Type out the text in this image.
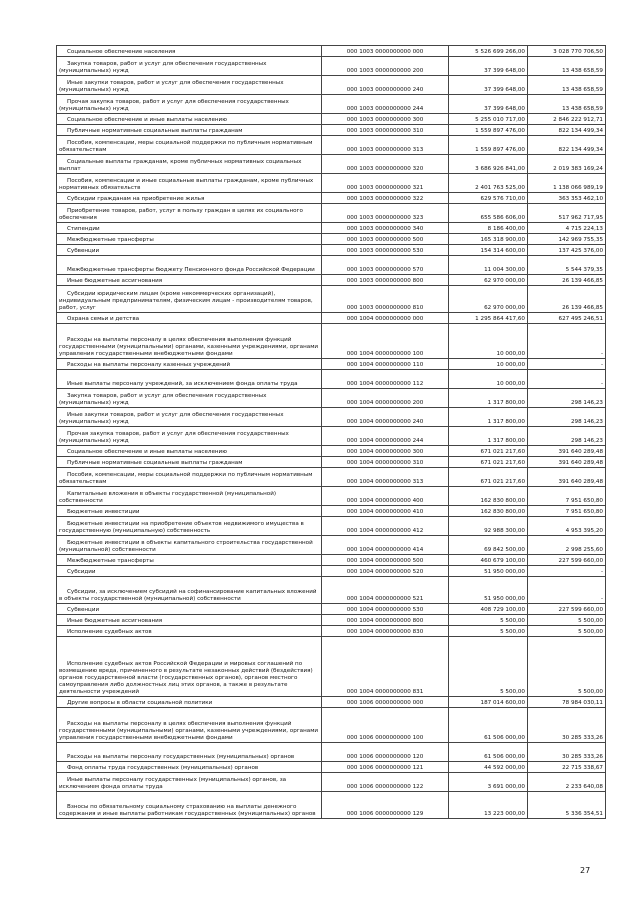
Социальное обеспечение населения	000 1003 0000000000 000	5 526 699 266,00	3 028 770 706,50

Закупка товаров, работ и услуг для обеспечения государственных (муниципальных) нужд	000 1003 0000000000 200	37 399 648,00	13 438 658,59

Иные закупки товаров, работ и услуг для обеспечения государственных (муниципальных) нужд	000 1003 0000000000 240	37 399 648,00	13 438 658,59

Прочая закупка товаров, работ и услуг для обеспечения государственных (муниципальных) нужд	000 1003 0000000000 244	37 399 648,00	13 438 658,59

Социальное обеспечение и иные выплаты населению	000 1003 0000000000 300	5 255 010 717,00	2 846 222 912,71

Публичные нормативные социальные выплаты гражданам	000 1003 0000000000 310	1 559 897 476,00	822 134 499,34

Пособия, компенсации, меры социальной поддержки по публичным нормативным обязательствам	000 1003 0000000000 313	1 559 897 476,00	822 134 499,34

Социальные выплаты гражданам, кроме публичных нормативных социальных выплат	000 1003 0000000000 320	3 686 926 841,00	2 019 383 169,24

Пособия, компенсации и иные социальные выплаты гражданам, кроме публичных нормативных обязательств	000 1003 0000000000 321	2 401 763 525,00	1 138 066 989,19

Субсидии гражданам на приобретение жилья	000 1003 0000000000 322	629 576 710,00	363 353 462,10

Приобретение товаров, работ, услуг в пользу граждан в целях их социального обеспечения	000 1003 0000000000 323	655 586 606,00	517 962 717,95

Стипендии	000 1003 0000000000 340	8 186 400,00	4 715 224,13

Межбюджетные трансферты	000 1003 0000000000 500	165 318 900,00	142 969 755,35

Субвенции	000 1003 0000000000 530	154 314 600,00	137 425 376,00

Межбюджетные трансферты бюджету Пенсионного фонда Российской Федерации	000 1003 0000000000 570	11 004 300,00	5 544 379,35

Иные бюджетные ассигнования	000 1003 0000000000 800	62 970 000,00	26 139 466,85

Субсидии юридическим лицам (кроме некоммерческих организаций), индивидуальным предпринимателям, физическим лицам - производителям товаров, работ, услуг	000 1003 0000000000 810	62 970 000,00	26 139 466,85

Охрана семьи и детства	000 1004 0000000000 000	1 295 864 417,60	627 495 246,51

Расходы на выплаты персоналу в целях обеспечения выполнения функций государственными (муниципальными) органами, казенными учреждениями, органами управления государственными внебюджетными фондами	000 1004 0000000000 100	10 000,00	-

Расходы на выплаты персоналу казенных учреждений	000 1004 0000000000 110	10 000,00	-

Иные выплаты персоналу учреждений, за исключением фонда оплаты труда	000 1004 0000000000 112	10 000,00	-

Закупка товаров, работ и услуг для обеспечения государственных (муниципальных) нужд	000 1004 0000000000 200	1 317 800,00	298 146,23

Иные закупки товаров, работ и услуг для обеспечения государственных (муниципальных) нужд	000 1004 0000000000 240	1 317 800,00	298 146,23

Прочая закупка товаров, работ и услуг для обеспечения государственных (муниципальных) нужд	000 1004 0000000000 244	1 317 800,00	298 146,23

Социальное обеспечение и иные выплаты населению	000 1004 0000000000 300	671 021 217,60	391 640 289,48

Публичные нормативные социальные выплаты гражданам	000 1004 0000000000 310	671 021 217,60	391 640 289,48

Пособия, компенсации, меры социальной поддержки по публичным нормативным обязательствам	000 1004 0000000000 313	671 021 217,60	391 640 289,48

Капитальные вложения в объекты государственной (муниципальной) собственности	000 1004 0000000000 400	162 830 800,00	7 951 650,80

Бюджетные инвестиции	000 1004 0000000000 410	162 830 800,00	7 951 650,80

Бюджетные инвестиции на приобретение объектов недвижимого имущества в государственную (муниципальную) собственность	000 1004 0000000000 412	92 988 300,00	4 953 395,20

Бюджетные инвестиции в объекты капитального строительства государственной (муниципальной) собственности	000 1004 0000000000 414	69 842 500,00	2 998 255,60

Межбюджетные трансферты	000 1004 0000000000 500	460 679 100,00	227 599 660,00

Субсидии	000 1004 0000000000 520	51 950 000,00	-

Субсидии, за исключением субсидий на софинансирование капитальных вложений в объекты государственной (муниципальной) собственности	000 1004 0000000000 521	51 950 000,00	-

Субвенции	000 1004 0000000000 530	408 729 100,00	227 599 660,00

Иные бюджетные ассигнования	000 1004 0000000000 800	5 500,00	5 500,00

Исполнение судебных актов	000 1004 0000000000 830	5 500,00	5 500,00

Исполнение судебных актов Российской Федерации и мировых соглашений по возмещению вреда, причиненного в результате незаконных действий (бездействия) органов государственной власти (государственных органов), органов местного самоуправления либо должностных лиц этих органов, а также в результате деятельности учреждений	000 1004 0000000000 831	5 500,00	5 500,00

Другие вопросы в области социальной политики	000 1006 0000000000 000	187 014 600,00	78 984 030,11

Расходы на выплаты персоналу в целях обеспечения выполнения функций государственными (муниципальными) органами, казенными учреждениями, органами управления государственными внебюджетными фондами	000 1006 0000000000 100	61 506 000,00	30 285 333,26

Расходы на выплаты персоналу государственных (муниципальных) органов	000 1006 0000000000 120	61 506 000,00	30 285 333,26

Фонд оплаты труда государственных (муниципальных) органов	000 1006 0000000000 121	44 592 000,00	22 715 338,67

Иные выплаты персоналу государственных (муниципальных) органов, за исключением фонда оплаты труда	000 1006 0000000000 122	3 691 000,00	2 233 640,08

Взносы по обязательному социальному страхованию на выплаты денежного содержания и иные выплаты работникам государственных (муниципальных) органов	000 1006 0000000000 129	13 223 000,00	5 336 354,51
27
